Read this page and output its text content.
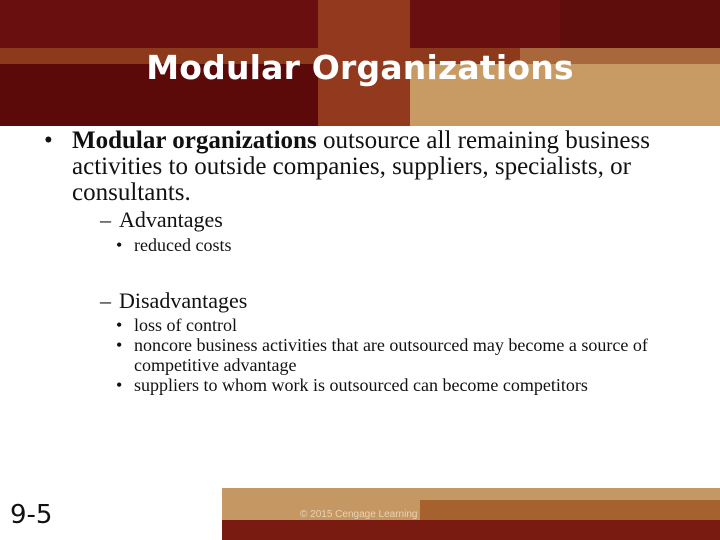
Modular Organizations
• Modular organizations outsource all remaining business activities to outside companies, suppliers, specialists, or consultants.
– Advantages
• reduced costs
– Disadvantages
• loss of control
• noncore business activities that are outsourced may become a source of competitive advantage
• suppliers to whom work is outsourced can become competitors
9-5	© 2015 Cengage Learning
